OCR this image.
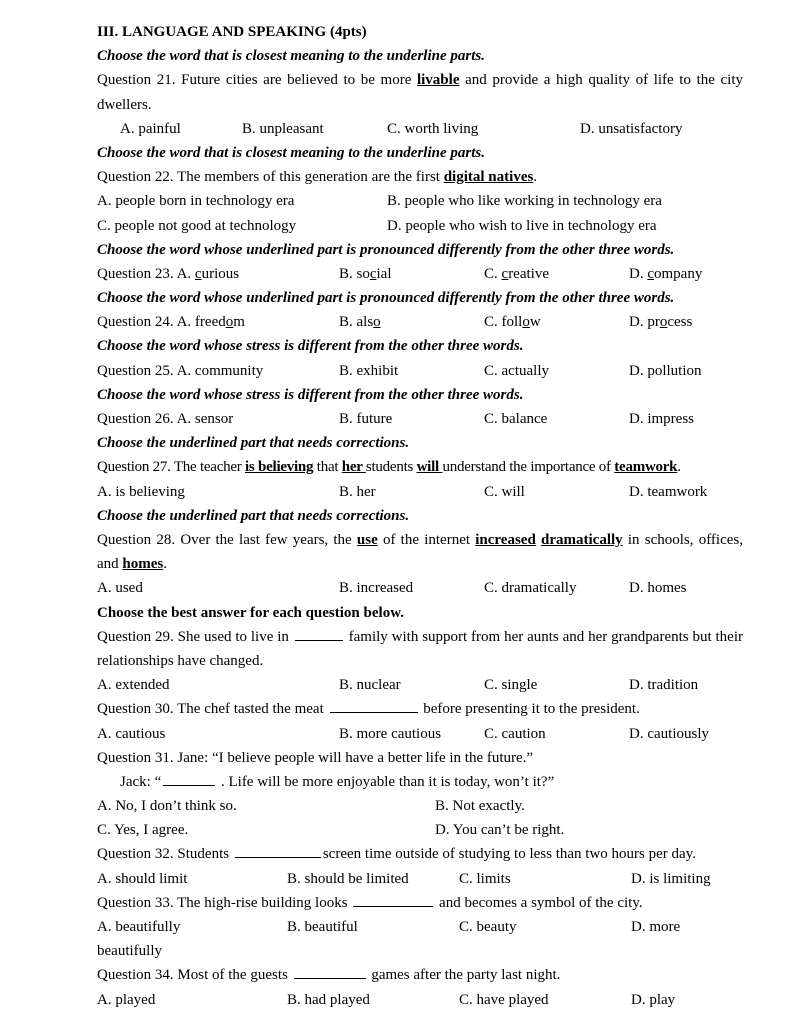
III. LANGUAGE AND SPEAKING (4pts)
Choose the word that is closest meaning to the underline parts.
Question 21. Future cities are believed to be more livable and provide a high quality of life to the city dwellers.
A. painful	B. unpleasant	C. worth living	D. unsatisfactory
Choose the word that is closest meaning to the underline parts.
Question 22. The members of this generation are the first digital natives.
A. people born in technology era	B. people who like working in technology era
C. people not good at technology	D. people who wish to live in technology era
Choose the word whose underlined part is pronounced differently from the other three words.
Question 23. A. curious	B. social	C. creative	D. company
Choose the word whose underlined part is pronounced differently from the other three words.
Question 24. A. freedom	B. also	C. follow	D. process
Choose the word whose stress is different from the other three words.
Question 25. A. community	B. exhibit	C. actually	D. pollution
Choose the word whose stress is different from the other three words.
Question 26. A. sensor	B. future	C. balance	D. impress
Choose the underlined part that needs corrections.
Question 27. The teacher is believing that her students will understand the importance of teamwork.
A. is believing	B. her	C. will	D. teamwork
Choose the underlined part that needs corrections.
Question 28. Over the last few years, the use of the internet increased dramatically in schools, offices, and homes.
A. used	B. increased	C. dramatically	D. homes
Choose the best answer for each question below.
Question 29. She used to live in	family with support from her aunts and her grandparents but their relationships have changed.
A. extended	B. nuclear	C. single	D. tradition
Question 30. The chef tasted the meat	before presenting it to the president.
A. cautious	B. more cautious	C. caution	D. cautiously
Question 31. Jane: “I believe people will have a better life in the future.”
Jack: “	. Life will be more enjoyable than it is today, won’t it?”
A. No, I don’t think so.	B. Not exactly.
C. Yes, I agree.	D. You can’t be right.
Question 32. Students	screen time outside of studying to less than two hours per day.
A. should limit	B. should be limited	C. limits	D. is limiting
Question 33. The high-rise building looks	and becomes a symbol of the city.
A. beautifully	B. beautiful	C. beauty	D. more
beautifully
Question 34. Most of the guests	games after the party last night.
A. played	B. had played	C. have played	D. play
